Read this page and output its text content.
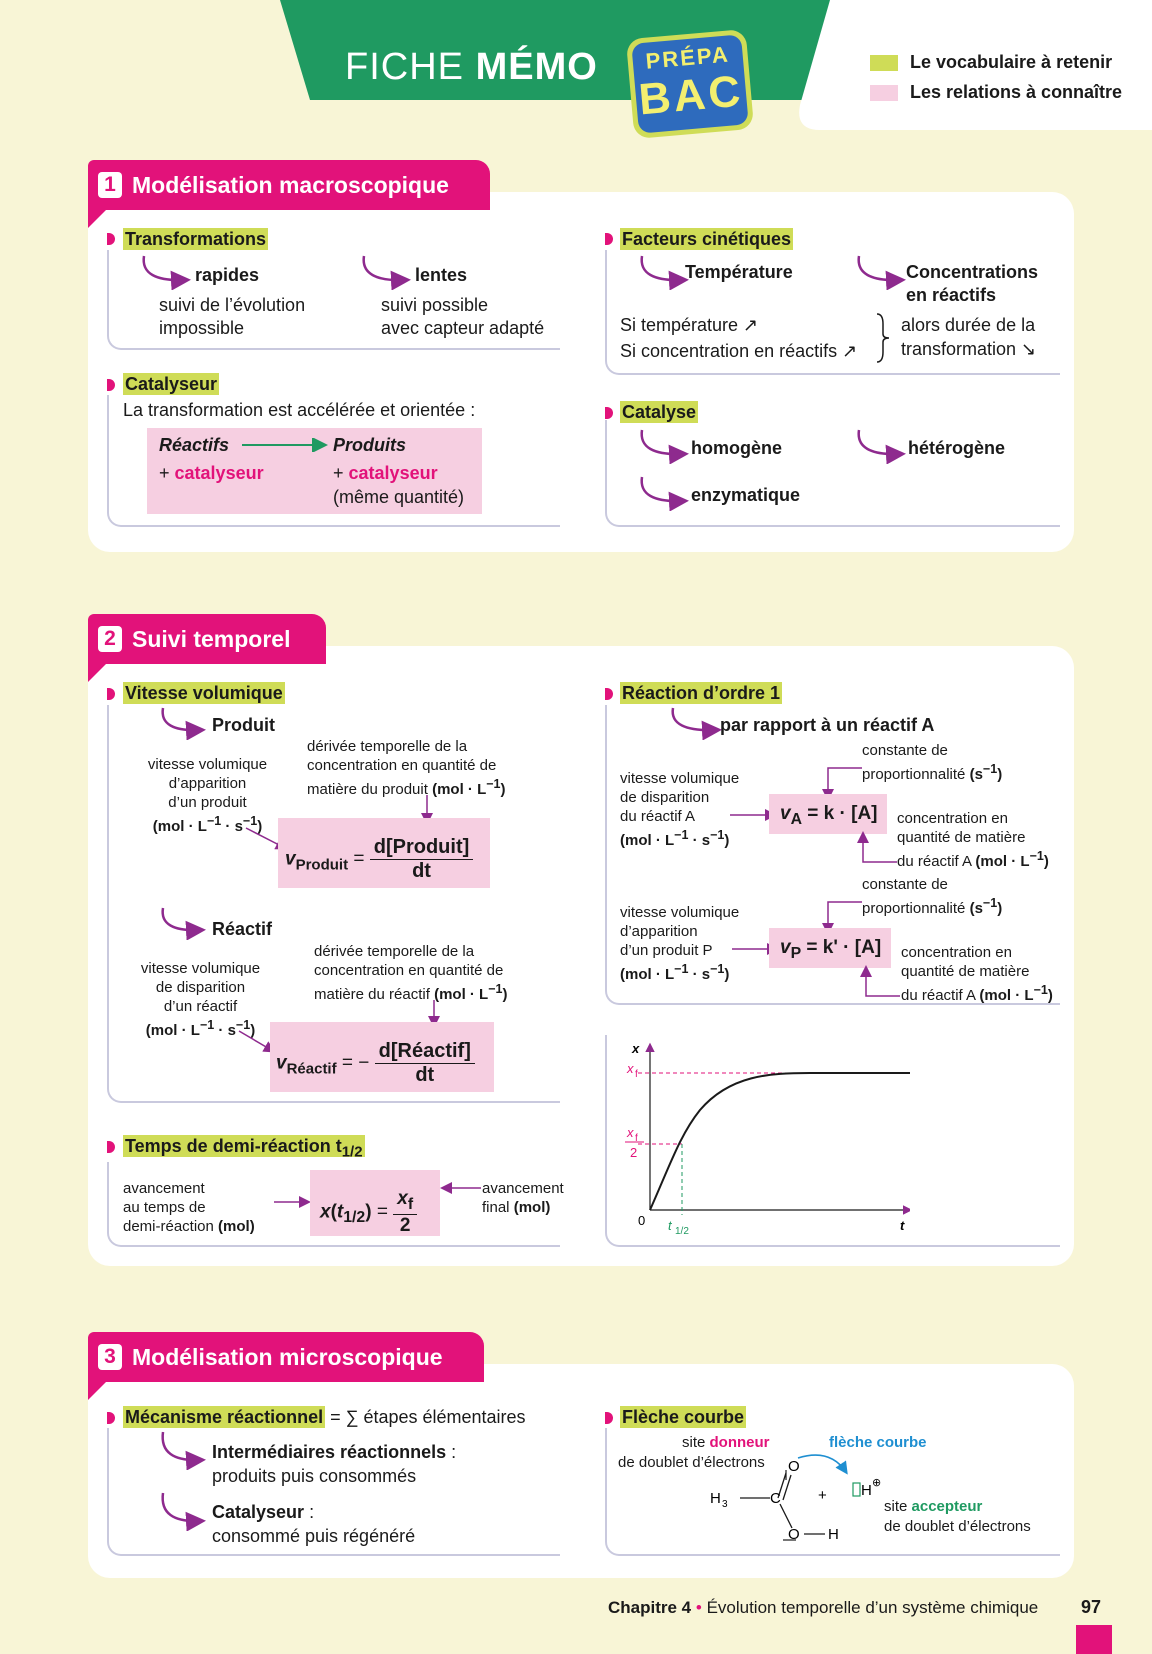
FICHE MÉMO	PRÉPA
BAC
Le vocabulaire à retenir
Les relations à connaître
1 Modélisation macroscopique
Transformations
rapides
suivi de l’évolution
impossible
lentes
suivi possible
avec capteur adapté
Catalyseur
La transformation est accélérée et orientée :
Réactifs	Produits
+ catalyseur	+ catalyseur
(même quantité)
Facteurs cinétiques
Température	Concentrations
en réactifs
Si température ↗
Si concentration en réactifs ↗
alors durée de la
transformation ↘
Catalyse
homogène	hétérogène
enzymatique
2 Suivi temporel
Vitesse volumique
Produit
vitesse volumique
d’apparition
d’un produit
$(mol \cdot L^{-1} \cdot s^{-1})$
dérivée temporelle de la
concentration en quantité de
matière du produit $(mol \cdot L^{-1})$
$v_{Produit} = \frac{\text{d[Produit]}}{dt}$
Réactif
vitesse volumique
de disparition
d’un réactif
$(mol \cdot L^{-1} \cdot s^{-1})$
dérivée temporelle de la
concentration en quantité de
matière du réactif $(mol \cdot L^{-1})$
$v_{Réactif}$ = − $\frac{\text{d[Réactif]}}{dt}$
Temps de demi-réaction $t_{1/2}$
avancement
au temps de
demi-réaction (mol)
$x(t_{1/2}) = \frac{x_f}{2}$	avancement
final (mol)
Réaction d’ordre 1
par rapport à un réactif A
constante de
proportionnalité $(s^{-1})$
vitesse volumique
de disparition
du réactif A
$(mol \cdot L^{-1} \cdot s^{-1})$
$v_A = k \cdot [A]$ concentration en
quantité de matière
du réactif A $(mol \cdot L^{-1})$
constante de
proportionnalité $(s^{-1})$
vitesse volumique
d’apparition
d’un produit P
$(mol \cdot L^{-1} \cdot s^{-1})$
$v_P = k' \cdot [A]$ concentration en
quantité de matière
du réactif A $(mol \cdot L^{-1})$
x
t
0
x f
x f
2
t 1/2
3 Modélisation microscopique
Mécanisme réactionnel = ∑ étapes élémentaires
Intermédiaires réactionnels :
produits puis consommés
Catalyseur :
consommé puis régénéré
Flèche courbe
site donneur
de doublet d’électrons
flèche courbe
H 3	C
O
O H
+ H ⊕
site accepteur
de doublet d’électrons
Chapitre 4 • Évolution temporelle d’un système chimique 97
